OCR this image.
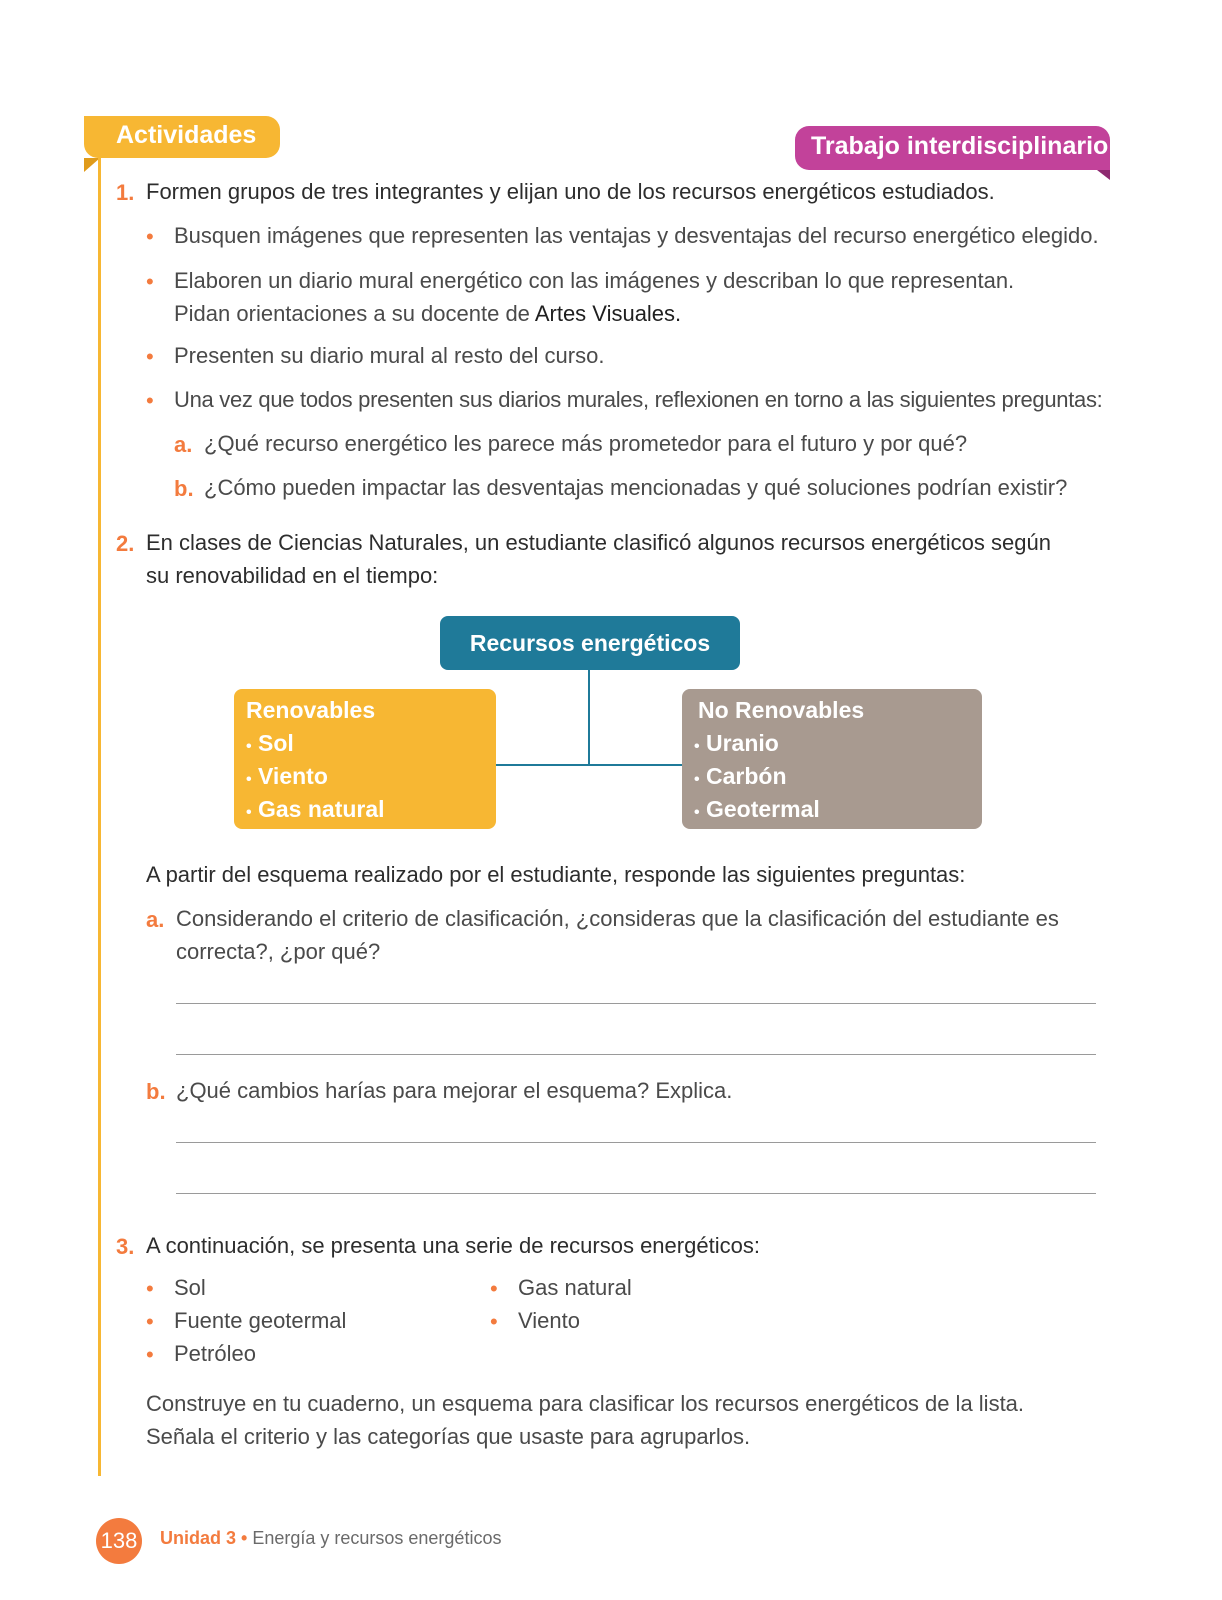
Actividades	Trabajo interdisciplinario
1. Formen grupos de tres integrantes y elijan uno de los recursos energéticos estudiados.
• Busquen imágenes que representen las ventajas y desventajas del recurso energético elegido.
• Elaboren un diario mural energético con las imágenes y describan lo que representan.
Pidan orientaciones a su docente de Artes Visuales.
• Presenten su diario mural al resto del curso.
• Una vez que todos presenten sus diarios murales, reflexionen en torno a las siguientes preguntas:
a. ¿Qué recurso energético les parece más prometedor para el futuro y por qué?
b. ¿Cómo pueden impactar las desventajas mencionadas y qué soluciones podrían existir?
2. En clases de Ciencias Naturales, un estudiante clasificó algunos recursos energéticos según
su renovabilidad en el tiempo:
Recursos energéticos
Renovables
• Sol
• Viento
• Gas natural
No Renovables
• Uranio
• Carbón
• Geotermal
A partir del esquema realizado por el estudiante, responde las siguientes preguntas:
a. Considerando el criterio de clasificación, ¿consideras que la clasificación del estudiante es
correcta?, ¿por qué?
b. ¿Qué cambios harías para mejorar el esquema? Explica.
3. A continuación, se presenta una serie de recursos energéticos:
• Sol
• Fuente geotermal
• Petróleo
• Gas natural
• Viento
Construye en tu cuaderno, un esquema para clasificar los recursos energéticos de la lista.
Señala el criterio y las categorías que usaste para agruparlos.
138 Unidad 3 • Energía y recursos energéticos
